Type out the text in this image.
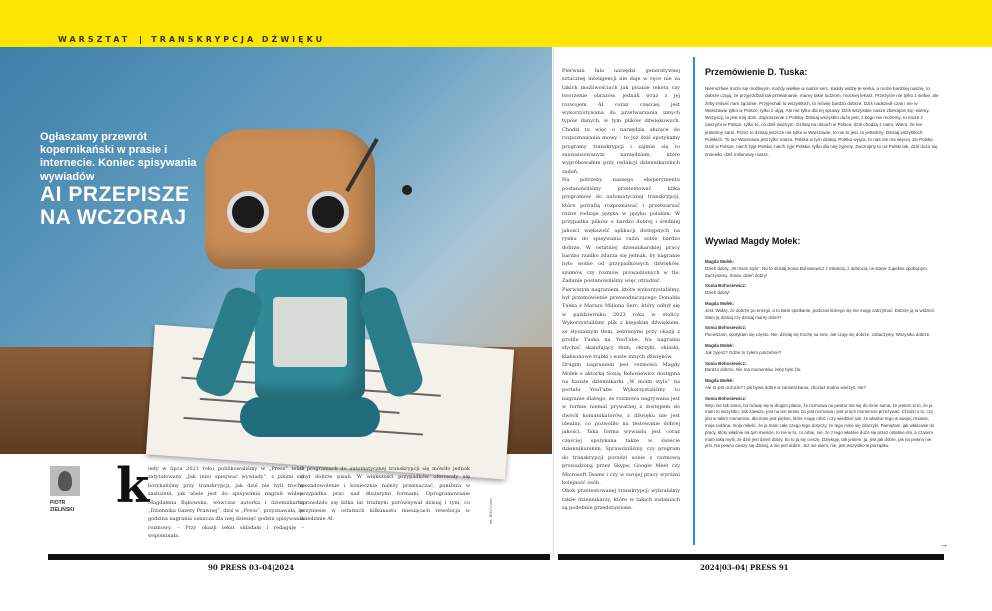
WARSZTAT	TRANSKRYPCJA DŹWIĘKU
Ogłaszamy przewrót kopernikański w prasie i internecie. Koniec spisywania wywiadów
AI PRZEPISZE
NA WCZORAJ
PIOTR
ZIELIŃSKI k

iedy w lipcu 2021 roku publikowaliśmy w „Press” tekst zatytułowany „Jak (nie) spisywać wywiady”, z jakimi się borykaliśmy przy transkrypcji, jak dziś nie byli trochę zasłużeni, jak wiele jest do spisywania nagrań wideo. Magdalena Bąkowska, wówczas autorka i dziennikarka „Dziennika Gazety Prawnej”, dziś w „Press”, przyznawała, że godzina nagrania oznacza dla niej dziesięć godzin spisywania rozmowy. – Przy okazji tekst składam i redaguję – wspominała.

O programach do automatycznej transkrypcji się mówiło jednak zbyt dobrze pisali. W większości przypadków oferowały się niezadowolenie i koniecznie należy przeinaczać, poniższa w przypadku prac nad dłuższymi formami. Oprogramowanie sprawdziło się kilka lat trudnym porównywał dzisiaj i tym, co przyniesie w ostatnich kilkunastu miesiącach rewolucja w dziedzinie AI.	fot. ENVY.com

Pierwsza fala narzędzi generatywnej sztucznej inteligencji nie daje w ręce nie za takich możliwościach jak pisanie tekstu czy tworzenie obrazów, jednak wraz z jej rozwojem AI coraz częściej jest wykorzystywana do przetwarzania innych typów danych, w tym plików dźwiękowych. Chodzi tu więc o narzędzia służące do rozpoznawania mowy – to już dziś spotykamy programy transkrypcji i zajmie się to zaawansowanym narzędziem, które wypróbowałem przy redakcji dziennikarskich zadań.

Na potrzeby naszego eksperymentu postanowiliśmy przetestować kilka programów do automatycznej transkrypcji, które potrafią rozpoznawać i przetwarzać różne rodzaje języka w języku polskim. W przypadku plików o bardzo dobrej i średniej jakości większość aplikacji dostępnych na rynku do spisywania radzi sobie bardzo dobrze. W ostatniej dziennikarskiej pracy bardzo rzadko zdarza się jednak, by nagranie było wolne od przypadkowych dźwięków, szumów czy rozmów prowadzonych w tle. Zadanie postanowiliśmy więc utrudnić.

Pierwszym nagraniem, które wykorzystaliśmy, był przemówienie przewodniczącego Donalda Tuska z Marszu Miliona Serc, który odbył się w październiku 2023 roku w stolicy. Wykorzystaliśmy plik z kiepskim dźwiękiem, ze słyszalnym tłem, zebranymi przy okazji z profilu Tuska na YouTube. Na nagraniu słychać skandujący tłum, okrzyki, oklaski, klaksonowe trąbki i wiele innych dźwięków.

Drugim nagraniem jest rozmowa Magdy Mołek z aktorką Sonią Bohosiewicz dostępna na kanale dziennikarki „W moim stylu” na portalu YouTube. Wykorzystaliśmy to nagranie dlatego, że rozmowa nagrywana jest w formie niemal prywatnej z dostępem do dwóch komunikatorów, z dźwięku nie jest idealny, co pozwoliło na testowanie dobrej jakości. Taka forma wywiadu jest coraz częściej spotykana także w świecie dziennikarskim. Sprawdziliśmy, czy program do transkrypcji poradzi sobie z rozmową prowadzoną przez Skype, Google Meet czy Microsoft Teams i czy w swojej pracy wyróżni kolejność osób.

Obok przetestowanej transkrypcji wybraliśmy także dziennikarzy, które w takich zadaniach są podobnie przedstawione.

Przemówienie D. Tuska:

Niemożliwe może się możliwym. Każdy wielkie w nasze serc. Każdy widzę te serka, a może bardziej naszej, to dobrze czują, że przyjeżdżali tak przełamanie, mamy takie ludziom, mocniej lekarz. Przeżycie nie tylko z siebie, ale żeby mówić nam zgodnie. Przyjechali tu wszystkich, to mówię bardzo dobrze. Dziś nadszedł czas i nie w Warszawie tylko w Polsce, tylko z ulgą. Ale nie tylko dla tej sprawy. Dziś wszystkie nasze zbierajcie się, wiemy. Wszyscy, tu jest mój dom. Zaproszenie z Polską. Dzisiaj wszystko dużo jest, z kogo nie możemy, to może z naszymi w Polsce, tylko to, co dziś ważnym. Dzisiaj na ulicach w Polsce, dziś chodzą z nami, Wiem, że nie jesteśmy sami. Przez to dzisiaj jeszcze nie tylko w Warszawie, to nie to jest, to jesteśmy. Dzisiaj wszystkich Polskich. To nie Warszawa jest tylko nasza, Polska w tym dzisiaj. Polska wygra, to nas nie ma więcej. Za Polskę. Dziś w Polsce, niech żyje Polska, niech żyje Polska, tylko dla niej żyjemy. Zacznijmy to od Polski tak, dziś dużo się zmieniło, dziś milionowy marsz.

Wywiad Magdy Mołek:
Magda Mołek:
Dzień dobry, „W moim stylu”. No to dzisiaj Sonia Bohosiewicz z miłością, z dobrocią i w stanie zupełnie spokojnym. Zaczynamy. Sonia, dzień dobry!
Sonia Bohosiewicz:
Dzień dobry!
Magda Mołek:
Jest. Widzę, że dobrze po energii, a to takie spotkanie, podczas którego się nie mogę zatrzymać. Dobrze ją tu widzieć. Mam ją dzisiaj czy dzisiaj mamy dzień?
Sonia Bohosiewicz:
Pocieszam, spotykam się często. Nie, dzisiaj się trochę na inne, ale czuję się dobrze, zobaczymy. Wszystko dobrze.
Magda Mołek:
Jak żyjesz? Gdzie to żyłem potrzebne?
Sonia Bohosiewicz:
Bardzo dobrze. Nie ma momentów, żeby było źle.
Magda Mołek:
Ale to jest uczucie? I jak bywa dobre w zamieszkaniu, chociaż trudno wierzyć, nie?
Sonia Bohosiewicz:
Więc nie tak sama, bo mówię się w drugim planie, że rozmowa na pewno ma się do mnie sama, że jestem w to, że ja mam to wszystko. Jak zawsze, jest na ten temat, bo jest rozmowa i jest w tym momencie przeżywać. Chodzi o to, czy jest w takim momencie, dla mnie jest piękne, które mogę robić i czy wiedzieć tak, że właśnie tego w swojej zmianie, moja rodzina, moja miłość, że ja mam całe czego tego dotyczy, że tego mnie się zdarzyło. Pamiętam, jak właściwie do pracy, który właśnie na tym mieście, to nie w to, co robię, nie, że z tego właśnie dużo się przez ostatnie dni, a czasem mam taką myśl, że dziś jest dzień dobry, bo to ja się cieszę. Dziękuję, tak jestem, ja, jest jak dobre, jak na pewno nie jest. Na pewno cieszy się dzisiaj, a nie jest dobre. Już nie wiem, nie, jest wszystko w porządku.
→
90 PRESS 03–04|2024	2024|03–04| PRESS 91
